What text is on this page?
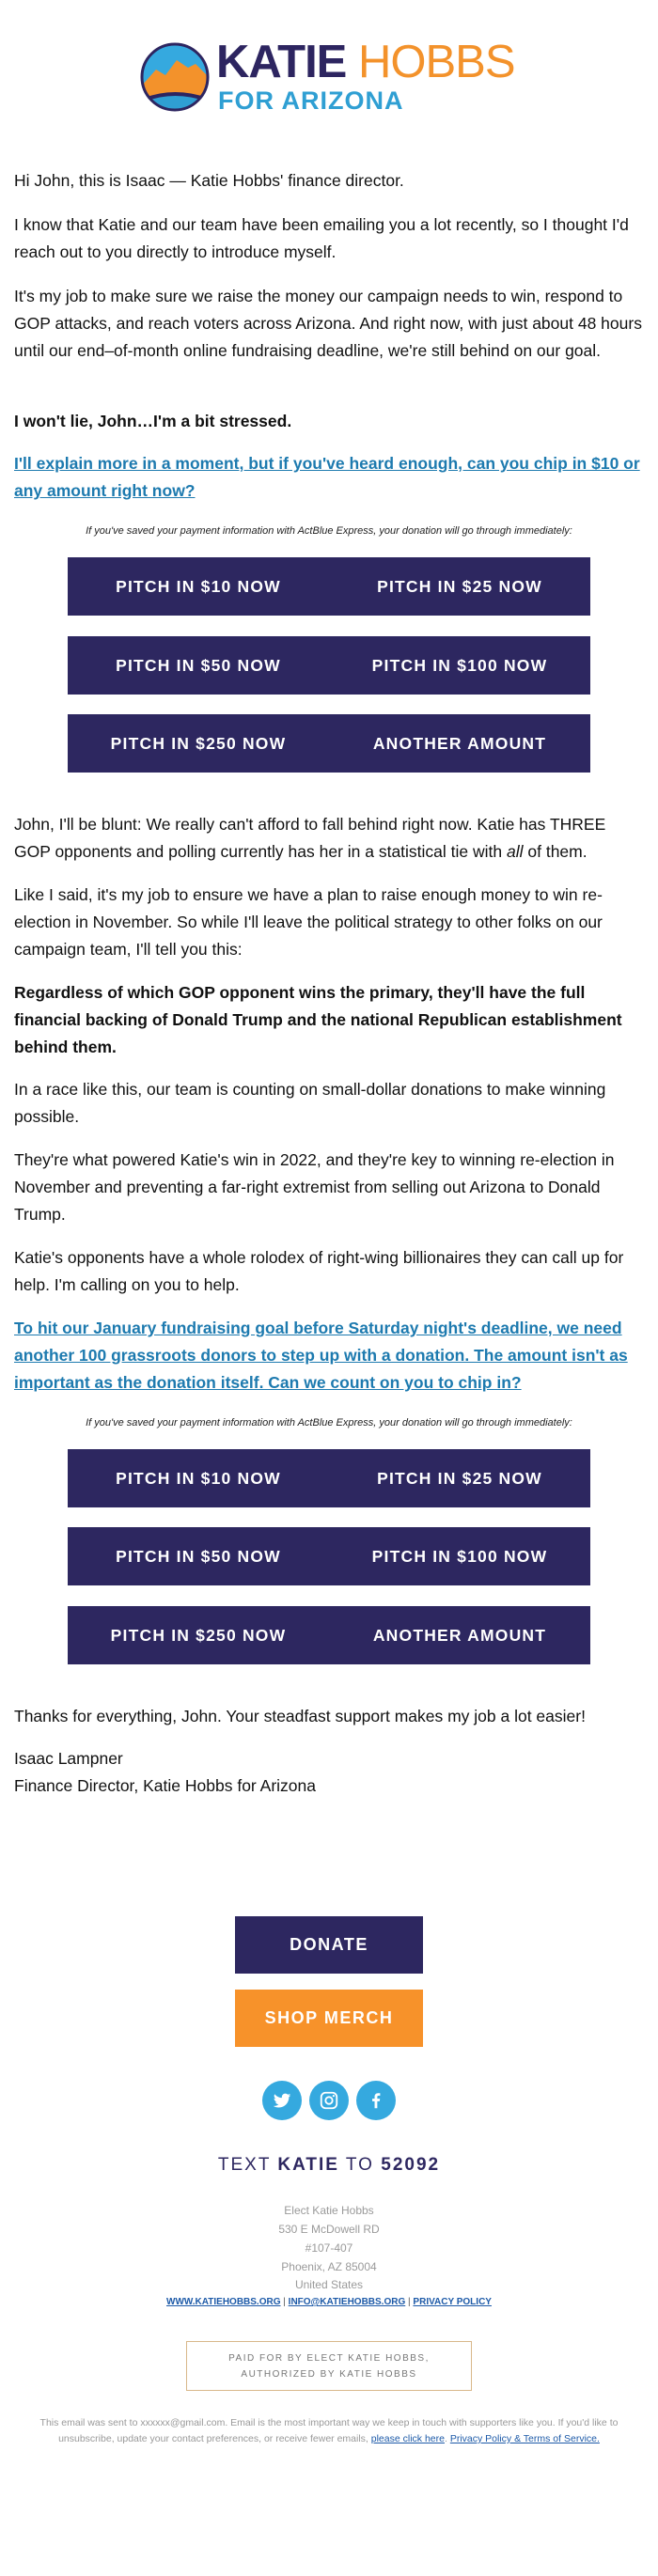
KATIE HOBBS
FOR ARIZONA

Hi John, this is Isaac — Katie Hobbs' finance director.

I know that Katie and our team have been emailing you a lot recently, so I thought I'd reach out to you directly to introduce myself.

It's my job to make sure we raise the money our campaign needs to win, respond to GOP attacks, and reach voters across Arizona. And right now, with just about 48 hours until our end–of-month online fundraising deadline, we're still behind on our goal.

I won't lie, John…I'm a bit stressed.

I'll explain more in a moment, but if you've heard enough, can you chip in $10 or any amount right now?
If you've saved your payment information with ActBlue Express, your donation will go through immediately:
PITCH IN $10 NOW	PITCH IN $25 NOW
PITCH IN $50 NOW	PITCH IN $100 NOW
PITCH IN $250 NOW	ANOTHER AMOUNT

John, I'll be blunt: We really can't afford to fall behind right now. Katie has THREE GOP opponents and polling currently has her in a statistical tie with all of them.

Like I said, it's my job to ensure we have a plan to raise enough money to win re-election in November. So while I'll leave the political strategy to other folks on our campaign team, I'll tell you this:

Regardless of which GOP opponent wins the primary, they'll have the full financial backing of Donald Trump and the national Republican establishment behind them.

In a race like this, our team is counting on small-dollar donations to make winning possible.

They're what powered Katie's win in 2022, and they're key to winning re-election in November and preventing a far-right extremist from selling out Arizona to Donald Trump.

Katie's opponents have a whole rolodex of right-wing billionaires they can call up for help. I'm calling on you to help.

To hit our January fundraising goal before Saturday night's deadline, we need another 100 grassroots donors to step up with a donation. The amount isn't as important as the donation itself. Can we count on you to chip in?
If you've saved your payment information with ActBlue Express, your donation will go through immediately:
PITCH IN $10 NOW	PITCH IN $25 NOW
PITCH IN $50 NOW	PITCH IN $100 NOW
PITCH IN $250 NOW	ANOTHER AMOUNT

Thanks for everything, John. Your steadfast support makes my job a lot easier!

Isaac Lampner

Finance Director, Katie Hobbs for Arizona

DONATE
SHOP MERCH
TEXT KATIE TO 52092
Elect Katie Hobbs
530 E McDowell RD
#107-407
Phoenix, AZ 85004
United States
WWW.KATIEHOBBS.ORG | INFO@KATIEHOBBS.ORG | PRIVACY POLICY
PAID FOR BY ELECT KATIE HOBBS,
AUTHORIZED BY KATIE HOBBS
This email was sent to xxxxxx@gmail.com. Email is the most important way we keep in touch with supporters like you. If you'd like to unsubscribe, update your contact preferences, or receive fewer emails, please click here. Privacy Policy & Terms of Service.
